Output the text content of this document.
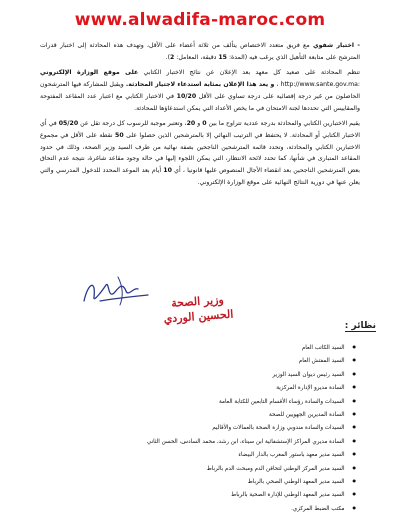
www.alwadifa-maroc.com

- اختبار شفوي مع فريق متعدد الاختصاص يتألف من ثلاثة أعضاء على الأقل، وتهدف هذه المحادثة إلى اختبار قدرات المترشح على متابعة التأهيل الذي يرغب فيه (المدة: 15 دقيقة، المعامل: 2).

تنظم المحادثة على صعيد كل معهد بعد الإعلان عن نتائج الاختبار الكتابي على موقع الوزارة الإلكتروني :http://www.sante.gov.ma ، و يعد هذا الإعلان بمثابة استدعاء لاجتياز المحادثة. ويقبل للمشاركة فيها المترشحون الحاصلون من غير درجة إقصائية على درجة تساوي على الأقل 10/20 في الاختبار الكتابي مع اعتبار عدد المقاعد المفتوحة والمقاييس التي تحددها لجنة الامتحان في ما يخص الأعداد التي يمكن استدعاؤها للمحادثة.

يقيم الاختبارين الكتابي والمحادثة بدرجة عددية تتراوح ما بين 0 و 20، وتعتبر موجبة للرسوب كل درجة تقل عن 05/20 في أي الاختبار الكتابي أو المحادثة. لا يحتفظ في الترتيب النهائي إلا بالمترشحين الذين حصلوا على 50 نقطة على الأقل في مجموع الاختبارين الكتابي والمحادثة، وتحدد قائمة المترشحين الناجحين بصفة نهائية من طرف السيد وزير الصحة، وذلك في حدود المقاعد المتبارى في شأنها، كما تحدد لائحة الانتظار، التي يمكن اللجوء إليها في حالة وجود مقاعد شاغرة، نتيجة عدم التحاق بعض المترشحين الناجحين بعد انقضاء الأجال المنصوص عليها قانونيا ، أي 10 أيام بعد الموعد المحدد للدخول المدرسي والتي يعلن عنها في دورية النتائج النهائية على موقع الوزارة الإلكتروني.

وزير الصحة
الحسين الوردي
نظائر :
● السيد الكاتب العام
● السيد المفتش العام
● السيد رئيس ديوان السيد الوزير
● السادة مديرو الإدارة المركزية
● السيدات والسادة رؤساء الأقسام التابعين للكتابة العامة
● السادة المديرين الجهويين للصحة
● السيدات والسادة مندوبي وزارة الصحة بالعمالات والأقاليم
● السادة مديري المراكز الإستشفائية ابن سيناء، ابن رشد، محمد السادس، الحسن الثاني
● السيد مدير معهد باستور المغرب بالدار البيضاء
● السيد مدير المركز الوطني لتحاقن الدم ومبحث الدم بالرباط
● السيد مدير المعهد الوطني الصحي بالرباط
● السيد مدير المعهد الوطني للإدارة الصحية بالرباط
● مكتب الضبط المركزي.
